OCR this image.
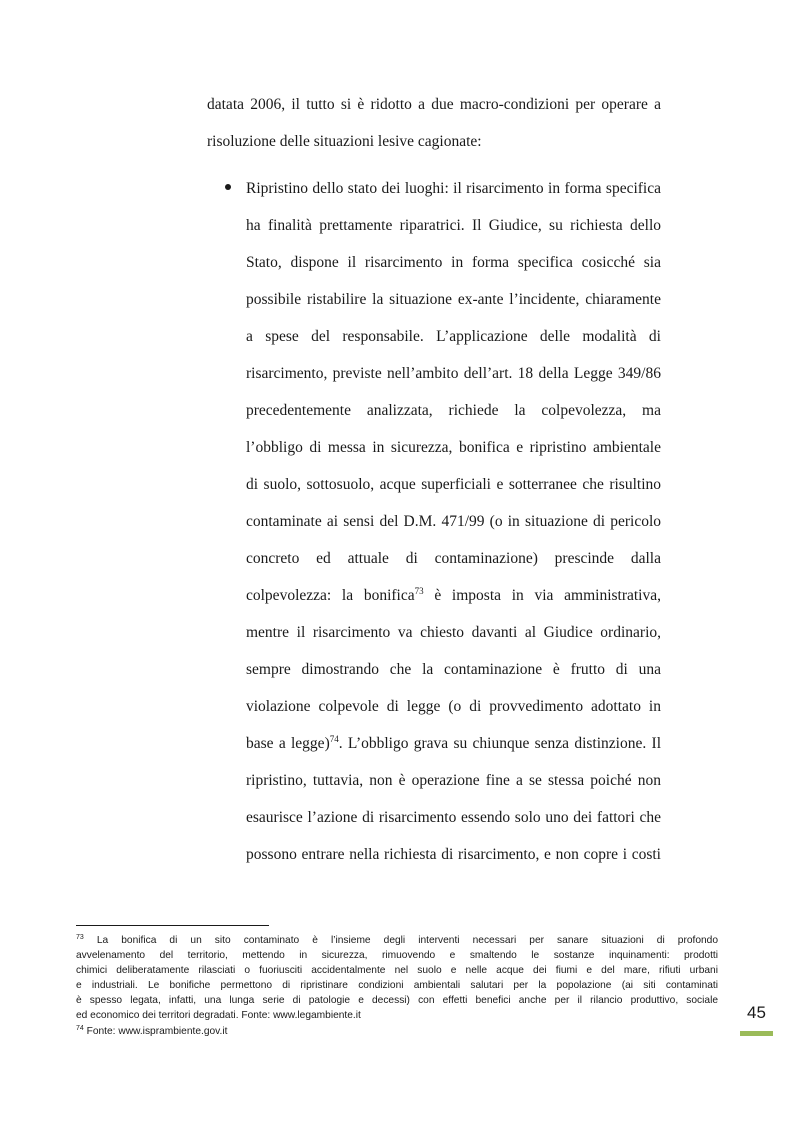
datata 2006, il tutto si è ridotto a due macro-condizioni per operare a

risoluzione delle situazioni lesive cagionate:

Ripristino dello stato dei luoghi: il risarcimento in forma specifica

ha finalità prettamente riparatrici. Il Giudice, su richiesta dello

Stato, dispone il risarcimento in forma specifica cosicché sia

possibile ristabilire la situazione ex-ante l’incidente, chiaramente

a spese del responsabile. L’applicazione delle modalità di

risarcimento, previste nell’ambito dell’art. 18 della Legge 349/86

precedentemente analizzata, richiede la colpevolezza, ma

l’obbligo di messa in sicurezza, bonifica e ripristino ambientale

di suolo, sottosuolo, acque superficiali e sotterranee che risultino

contaminate ai sensi del D.M. 471/99 (o in situazione di pericolo

concreto ed attuale di contaminazione) prescinde dalla

colpevolezza: la bonifica$^{73}$ è imposta in via amministrativa,

mentre il risarcimento va chiesto davanti al Giudice ordinario,

sempre dimostrando che la contaminazione è frutto di una

violazione colpevole di legge (o di provvedimento adottato in

base a legge)$^{74}$. L’obbligo grava su chiunque senza distinzione. Il

ripristino, tuttavia, non è operazione fine a se stessa poiché non

esaurisce l’azione di risarcimento essendo solo uno dei fattori che

possono entrare nella richiesta di risarcimento, e non copre i costi

$^{73}$ La bonifica di un sito contaminato è l’insieme degli interventi necessari per sanare situazioni di profondo

avvelenamento del territorio, mettendo in sicurezza, rimuovendo e smaltendo le sostanze inquinamenti: prodotti

chimici deliberatamente rilasciati o fuoriusciti accidentalmente nel suolo e nelle acque dei fiumi e del mare, rifiuti urbani

e industriali. Le bonifiche permettono di ripristinare condizioni ambientali salutari per la popolazione (ai siti contaminati

è spesso legata, infatti, una lunga serie di patologie e decessi) con effetti benefici anche per il rilancio produttivo, sociale

ed economico dei territori degradati. Fonte: www.legambiente.it

$^{74}$ Fonte: www.isprambiente.gov.it

45
